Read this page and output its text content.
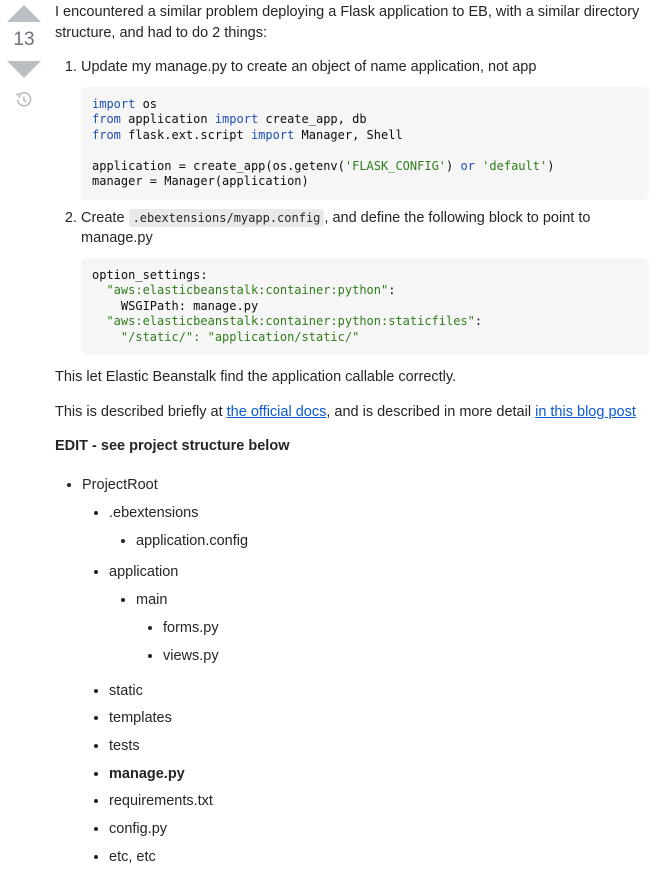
13

I encountered a similar problem deploying a Flask application to EB, with a similar directory structure, and had to do 2 things:

1. Update my manage.py to create an object of name application, not app
import os
from application import create_app, db
from flask.ext.script import Manager, Shell

application = create_app(os.getenv('FLASK_CONFIG') or 'default')
manager = Manager(application)
2. Create .ebextensions/myapp.config , and define the following block to point to manage.py
option_settings:
"aws:elasticbeanstalk:container:python":
WSGIPath: manage.py
"aws:elasticbeanstalk:container:python:staticfiles":
"/static/": "application/static/"

This let Elastic Beanstalk find the application callable correctly.

This is described briefly at the official docs, and is described in more detail in this blog post

EDIT - see project structure below
• ProjectRoot
• .ebextensions
• application.config
• application
• main
• forms.py
• views.py
• static
• templates
• tests
• manage.py
• requirements.txt
• config.py
• etc, etc
